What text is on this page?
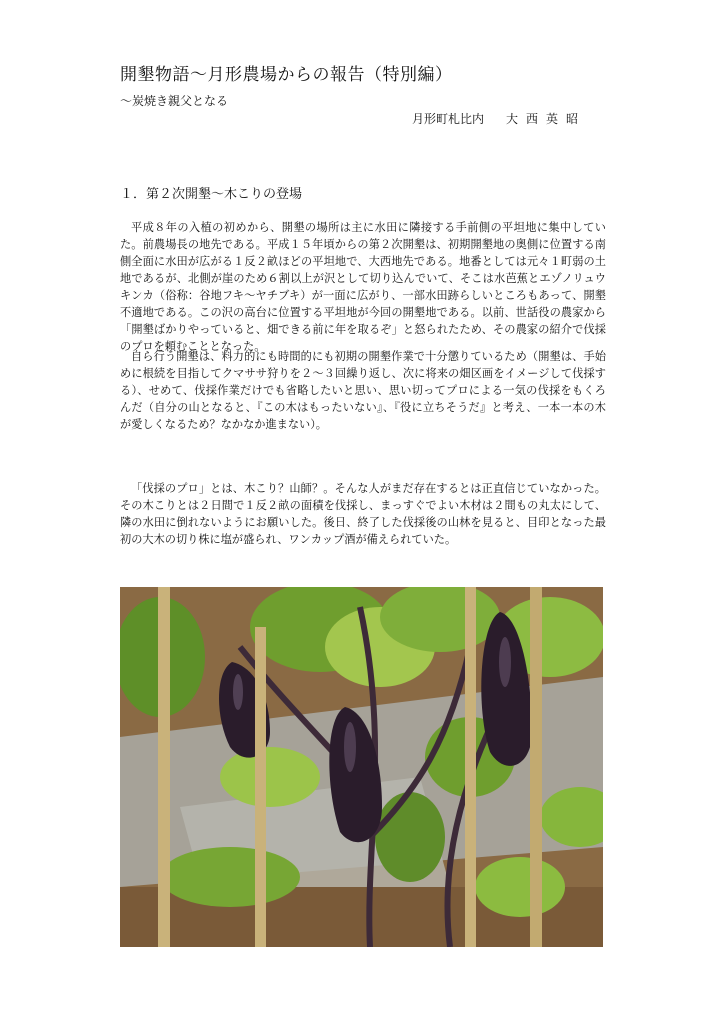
開墾物語〜月形農場からの報告（特別編）
〜炭焼き親父となる
月形町札比内 大西英昭
１．第２次開墾〜木こりの登場

平成８年の入植の初めから、開墾の場所は主に水田に隣接する手前側の平坦地に集中していた。前農場長の地先である。平成１５年頃からの第２次開墾は、初期開墾地の奥側に位置する南側全面に水田が広がる１反２畝ほどの平坦地で、大西地先である。地番としては元々１町弱の土地であるが、北側が崖のため６割以上が沢として切り込んでいて、そこは水芭蕉とエゾノリュウキンカ（俗称：谷地フキ〜ヤチブキ）が一面に広がり、一部水田跡らしいところもあって、開墾不適地である。この沢の高台に位置する平坦地が今回の開墾地である。以前、世話役の農家から「開墾ばかりやっていると、畑できる前に年を取るぞ」と怒られたため、その農家の紹介で伐採のプロを頼むこととなった。

自ら行う開墾は、料力的にも時間的にも初期の開墾作業で十分懲りているため（開墾は、手始めに根続を目指してクマササ狩りを２〜３回繰り返し、次に将来の畑区画をイメージして伐採する）、せめて、伐採作業だけでも省略したいと思い、思い切ってプロによる一気の伐採をもくろんだ（自分の山となると、『この木はもったいない』、『役に立ちそうだ』と考え、一本一本の木が愛しくなるため？なかなか進まない）。

「伐採のプロ」とは、木こり？山師？。そんな人がまだ存在するとは正直信じていなかった。その木こりとは２日間で１反２畝の面積を伐採し、まっすぐでよい木材は２間もの丸太にして、隣の水田に倒れないようにお願いした。後日、終了した伐採後の山林を見ると、目印となった最初の大木の切り株に塩が盛られ、ワンカップ酒が備えられていた。
